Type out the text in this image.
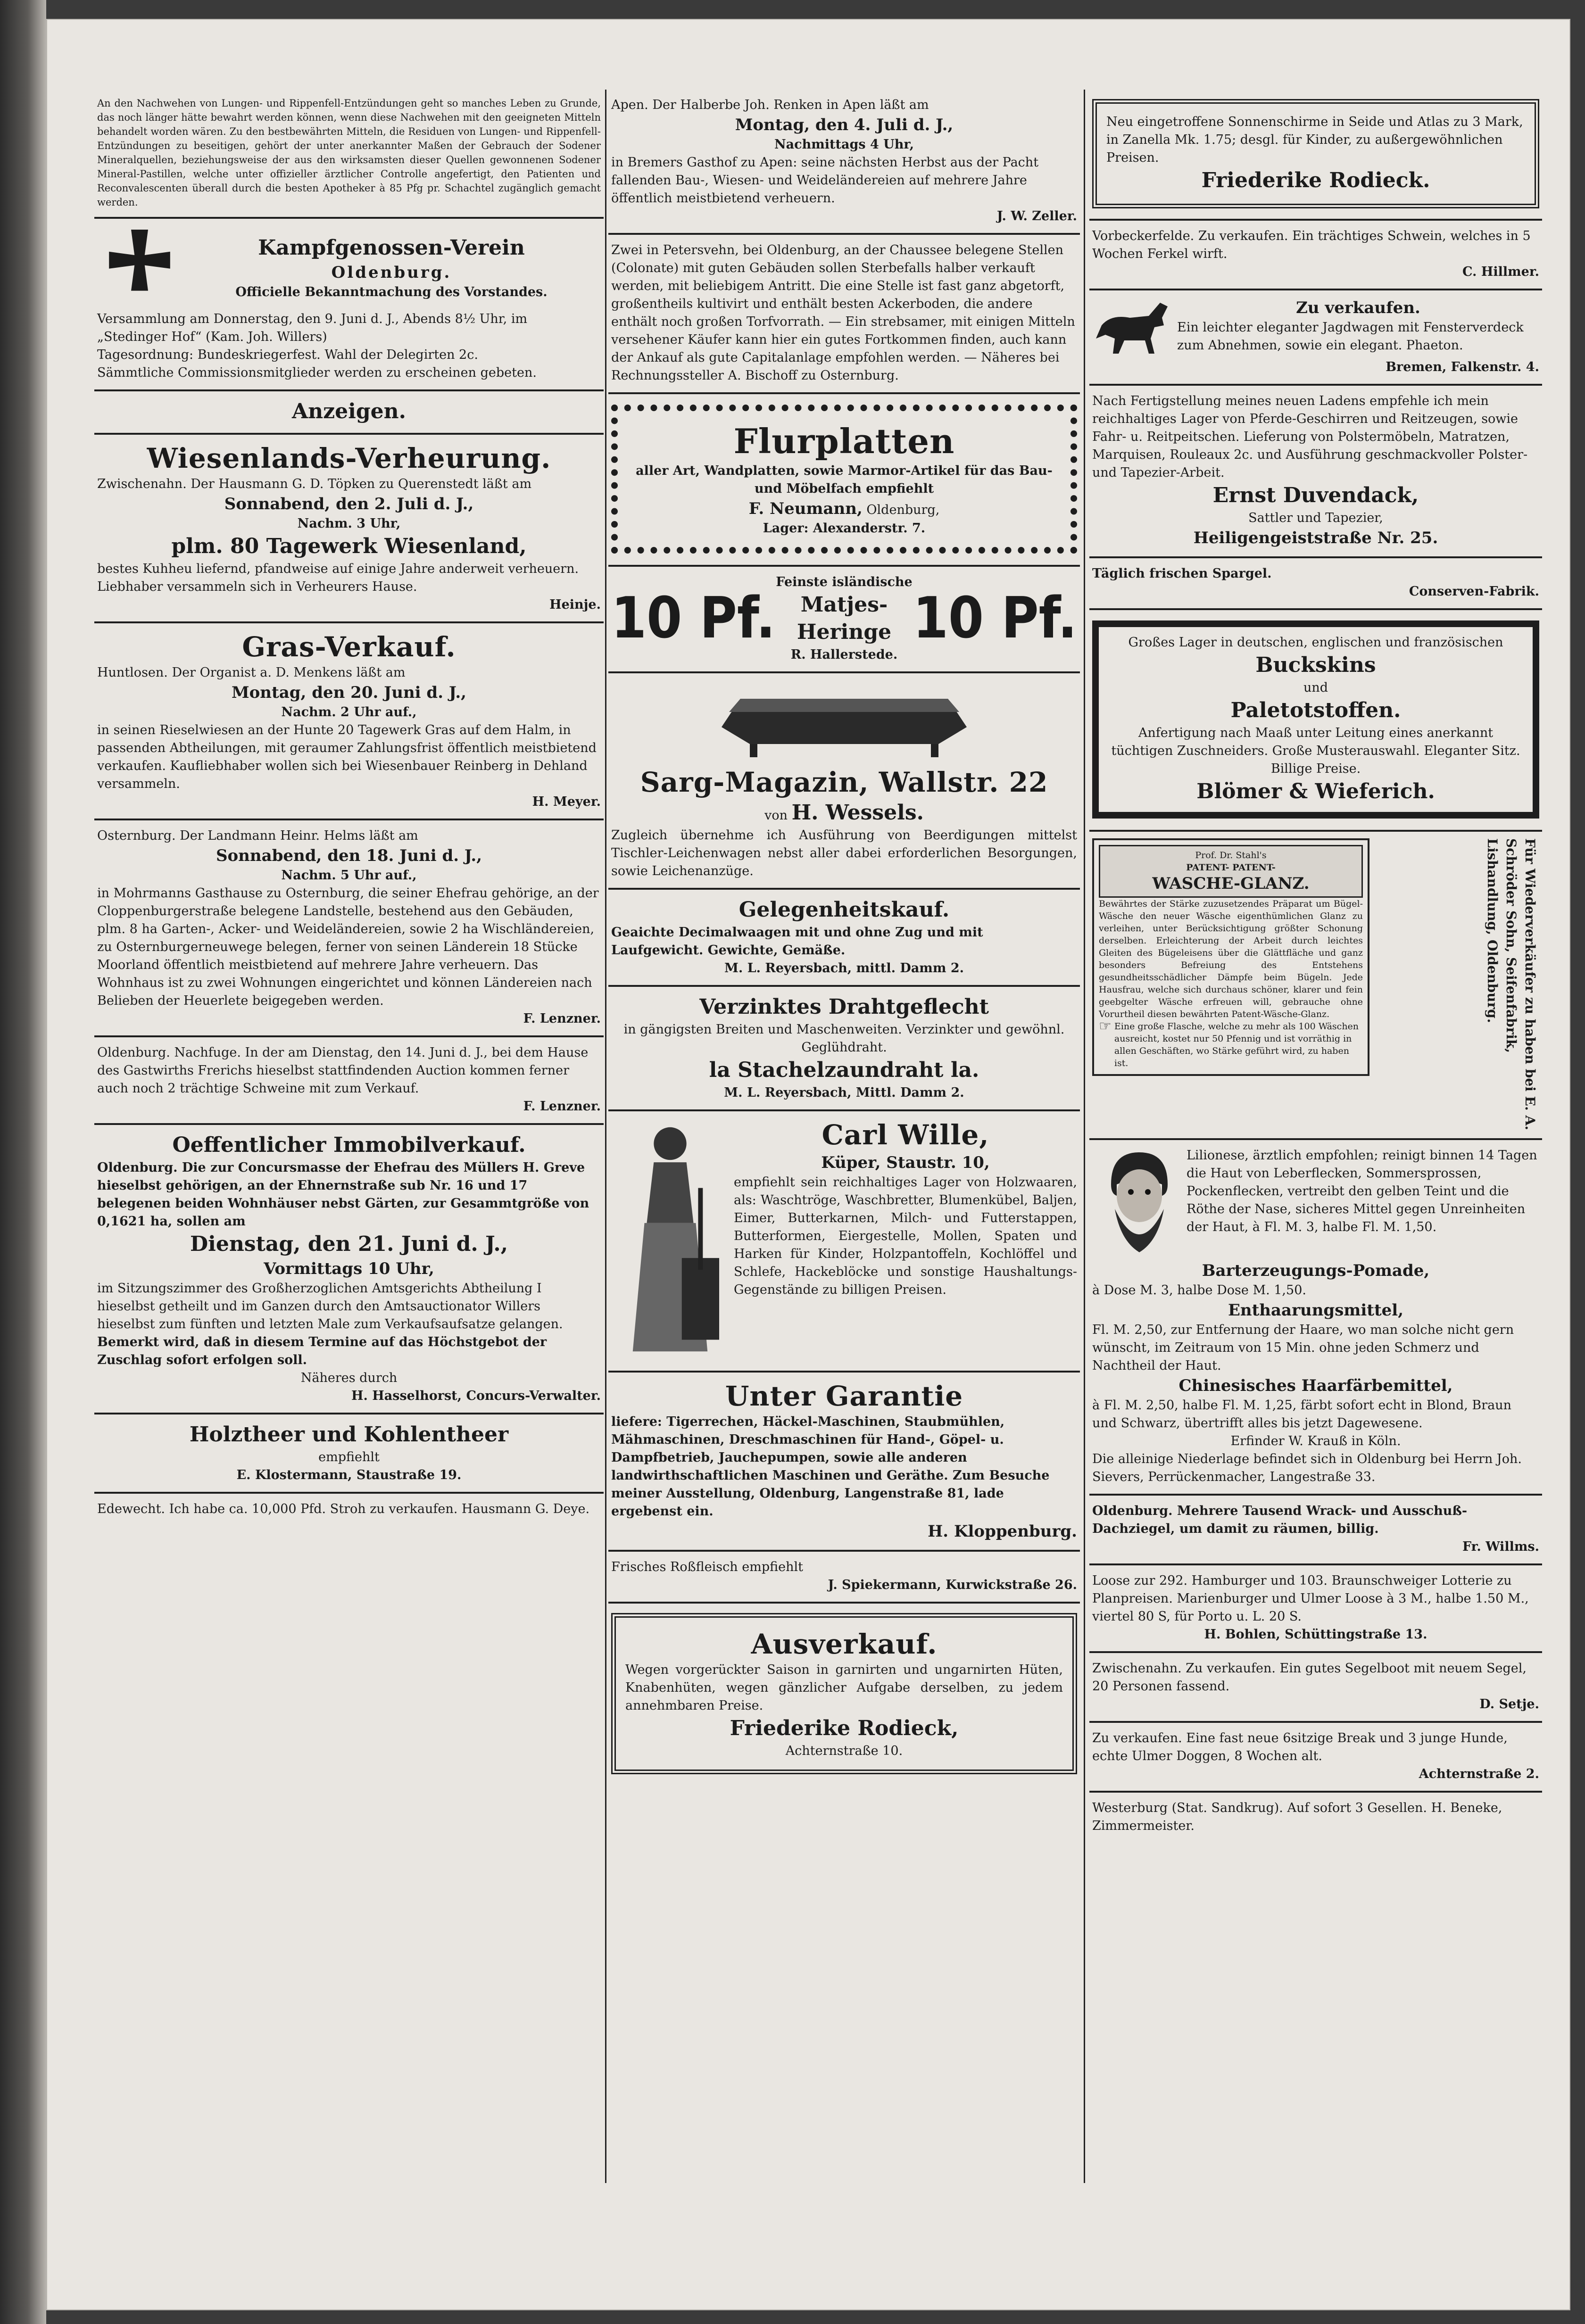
An den Nachwehen von Lungen- und Rippenfell-Entzündungen geht so manches Leben zu Grunde, das noch länger hätte bewahrt werden können, wenn diese Nachwehen mit den geeigneten Mitteln behandelt worden wären. Zu den bestbewährten Mitteln, die Residuen von Lungen- und Rippenfell-Entzündungen zu beseitigen, gehört der unter anerkannter Maßen der Gebrauch der Sodener Mineralquellen, beziehungsweise der aus den wirksamsten dieser Quellen gewonnenen Sodener Mineral-Pastillen, welche unter offizieller ärztlicher Controlle angefertigt, den Patienten und Reconvalescenten überall durch die besten Apotheker à 85 Pfg pr. Schachtel zugänglich gemacht werden.
Kampfgenossen-Verein
Oldenburg.
Officielle Bekanntmachung des Vorstandes.
Versammlung am Donnerstag, den 9. Juni d. J., Abends 8½ Uhr, im „Stedinger Hof“ (Kam. Joh. Willers)
Tagesordnung: Bundeskriegerfest. Wahl der Delegirten 2c.
Sämmtliche Commissionsmitglieder werden zu erscheinen gebeten.
Anzeigen.
Wiesenlands-Verheurung.
Zwischenahn. Der Hausmann G. D. Töpken zu Querenstedt läßt am
Sonnabend, den 2. Juli d. J.,
Nachm. 3 Uhr,
plm. 80 Tagewerk Wiesenland,
bestes Kuhheu liefernd, pfandweise auf einige Jahre anderweit verheuern. Liebhaber versammeln sich in Verheurers Hause.
Heinje.
Gras-Verkauf.
Huntlosen. Der Organist a. D. Menkens läßt am
Montag, den 20. Juni d. J.,
Nachm. 2 Uhr auf.,
in seinen Rieselwiesen an der Hunte 20 Tagewerk Gras auf dem Halm, in passenden Abtheilungen, mit geraumer Zahlungsfrist öffentlich meistbietend verkaufen. Kaufliebhaber wollen sich bei Wiesenbauer Reinberg in Dehland versammeln.
H. Meyer.
Osternburg. Der Landmann Heinr. Helms läßt am
Sonnabend, den 18. Juni d. J.,
Nachm. 5 Uhr auf.,
in Mohrmanns Gasthause zu Osternburg, die seiner Ehefrau gehörige, an der Cloppenburgerstraße belegene Landstelle, bestehend aus den Gebäuden, plm. 8 ha Garten-, Acker- und Weideländereien, sowie 2 ha Wischländereien, zu Osternburgerneuwege belegen, ferner von seinen Länderein 18 Stücke Moorland öffentlich meistbietend auf mehrere Jahre verheuern. Das Wohnhaus ist zu zwei Wohnungen eingerichtet und können Ländereien nach Belieben der Heuerlete beigegeben werden.
F. Lenzner.
Oldenburg. Nachfuge. In der am Dienstag, den 14. Juni d. J., bei dem Hause des Gastwirths Frerichs hieselbst stattfindenden Auction kommen ferner auch noch 2 trächtige Schweine mit zum Verkauf.
F. Lenzner.
Oeffentlicher Immobilverkauf.
Oldenburg. Die zur Concursmasse der Ehefrau des Müllers H. Greve hieselbst gehörigen, an der Ehnernstraße sub Nr. 16 und 17 belegenen beiden Wohnhäuser nebst Gärten, zur Gesammtgröße von 0,1621 ha, sollen am
Dienstag, den 21. Juni d. J.,
Vormittags 10 Uhr,
im Sitzungszimmer des Großherzoglichen Amtsgerichts Abtheilung I hieselbst getheilt und im Ganzen durch den Amtsauctionator Willers hieselbst zum fünften und letzten Male zum Verkaufsaufsatze gelangen.
Bemerkt wird, daß in diesem Termine auf das Höchstgebot der Zuschlag sofort erfolgen soll.
Näheres durch
H. Hasselhorst, Concurs-Verwalter.
Holztheer und Kohlentheer
empfiehlt
E. Klostermann, Staustraße 19.
Edewecht. Ich habe ca. 10,000 Pfd. Stroh zu verkaufen. Hausmann G. Deye.
Apen. Der Halberbe Joh. Renken in Apen läßt am
Montag, den 4. Juli d. J.,
Nachmittags 4 Uhr,
in Bremers Gasthof zu Apen: seine nächsten Herbst aus der Pacht fallenden Bau-, Wiesen- und Weideländereien auf mehrere Jahre öffentlich meistbietend verheuern.
J. W. Zeller.
Zwei in Petersvehn, bei Oldenburg, an der Chaussee belegene Stellen (Colonate) mit guten Gebäuden sollen Sterbefalls halber verkauft werden, mit beliebigem Antritt. Die eine Stelle ist fast ganz abgetorft, großentheils kultivirt und enthält besten Ackerboden, die andere enthält noch großen Torfvorrath. — Ein strebsamer, mit einigen Mitteln versehener Käufer kann hier ein gutes Fortkommen finden, auch kann der Ankauf als gute Capitalanlage empfohlen werden. — Näheres bei Rechnungssteller A. Bischoff zu Osternburg.
Flurplatten
aller Art, Wandplatten, sowie Marmor-Artikel für das Bau- und Möbelfach empfiehlt
F. Neumann, Oldenburg,
Lager: Alexanderstr. 7.
10 Pf.
Feinste isländische
Matjes-Heringe
R. Hallerstede.
10 Pf.
Sarg-Magazin, Wallstr. 22
von H. Wessels.
Zugleich übernehme ich Ausführung von Beerdigungen mittelst Tischler-Leichenwagen nebst aller dabei erforderlichen Besorgungen, sowie Leichenanzüge.
Gelegenheitskauf.
Geaichte Decimalwaagen mit und ohne Zug und mit Laufgewicht. Gewichte, Gemäße.
M. L. Reyersbach, mittl. Damm 2.
Verzinktes Drahtgeflecht
in gängigsten Breiten und Maschenweiten. Verzinkter und gewöhnl. Geglühdraht.
la Stachelzaundraht la.
M. L. Reyersbach, Mittl. Damm 2.
Carl Wille,
Küper, Staustr. 10,
empfiehlt sein reichhaltiges Lager von Holzwaaren, als: Waschtröge, Waschbretter, Blumenkübel, Baljen, Eimer, Butterkarnen, Milch- und Futterstappen, Butterformen, Eiergestelle, Mollen, Spaten und Harken für Kinder, Holzpantoffeln, Kochlöffel und Schlefe, Hackeblöcke und sonstige Haushaltungs-Gegenstände zu billigen Preisen.
Unter Garantie
liefere: Tigerrechen, Häckel-Maschinen, Staubmühlen, Mähmaschinen, Dreschmaschinen für Hand-, Göpel- u. Dampfbetrieb, Jauchepumpen, sowie alle anderen landwirthschaftlichen Maschinen und Geräthe. Zum Besuche meiner Ausstellung, Oldenburg, Langenstraße 81, lade ergebenst ein.
H. Kloppenburg.
Frisches Roßfleisch empfiehlt
J. Spiekermann, Kurwickstraße 26.
Ausverkauf.
Wegen vorgerückter Saison in garnirten und ungarnirten Hüten, Knabenhüten, wegen gänzlicher Aufgabe derselben, zu jedem annehmbaren Preise.
Friederike Rodieck,
Achternstraße 10.
Neu eingetroffene Sonnenschirme in Seide und Atlas zu 3 Mark, in Zanella Mk. 1.75; desgl. für Kinder, zu außergewöhnlichen Preisen.
Friederike Rodieck.
Vorbeckerfelde. Zu verkaufen. Ein trächtiges Schwein, welches in 5 Wochen Ferkel wirft.
C. Hillmer.
Zu verkaufen.
Ein leichter eleganter Jagdwagen mit Fensterverdeck zum Abnehmen, sowie ein elegant. Phaeton.
Bremen, Falkenstr. 4.
Nach Fertigstellung meines neuen Ladens empfehle ich mein reichhaltiges Lager von Pferde-Geschirren und Reitzeugen, sowie Fahr- u. Reitpeitschen. Lieferung von Polstermöbeln, Matratzen, Marquisen, Rouleaux 2c. und Ausführung geschmackvoller Polster- und Tapezier-Arbeit.
Ernst Duvendack,
Sattler und Tapezier,
Heiligengeiststraße Nr. 25.
Täglich frischen Spargel.
Conserven-Fabrik.
Großes Lager in deutschen, englischen und französischen
Buckskins
und
Paletotstoffen.
Anfertigung nach Maaß unter Leitung eines anerkannt tüchtigen Zuschneiders. Große Musterauswahl. Eleganter Sitz. Billige Preise.
Blömer & Wieferich.
Prof. Dr. Stahl's
PATENT- PATENT-
WASCHE-GLANZ.
Bewährtes der Stärke zuzusetzendes Präparat um Bügel-Wäsche den neuer Wäsche eigenthümlichen Glanz zu verleihen, unter Berücksichtigung größter Schonung derselben. Erleichterung der Arbeit durch leichtes Gleiten des Bügeleisens über die Glättfläche und ganz besonders Befreiung des Entstehens gesundheitsschädlicher Dämpfe beim Bügeln. Jede Hausfrau, welche sich durchaus schöner, klarer und fein geebgelter Wäsche erfreuen will, gebrauche ohne Vorurtheil diesen bewährten Patent-Wäsche-Glanz.
☞ Eine große Flasche, welche zu mehr als 100 Wäschen ausreicht, kostet nur 50 Pfennig und ist vorräthig in allen Geschäften, wo Stärke geführt wird, zu haben ist.	Für Wiederverkäufer zu haben bei E. A. Schröder Sohn, Seifenfabrik, Lishandlung, Oldenburg.
Lilionese, ärztlich empfohlen; reinigt binnen 14 Tagen die Haut von Leberflecken, Sommersprossen, Pockenflecken, vertreibt den gelben Teint und die Röthe der Nase, sicheres Mittel gegen Unreinheiten der Haut, à Fl. M. 3, halbe Fl. M. 1,50.
Barterzeugungs-Pomade,
à Dose M. 3, halbe Dose M. 1,50.
Enthaarungsmittel,
Fl. M. 2,50, zur Entfernung der Haare, wo man solche nicht gern wünscht, im Zeitraum von 15 Min. ohne jeden Schmerz und Nachtheil der Haut.
Chinesisches Haarfärbemittel,
à Fl. M. 2,50, halbe Fl. M. 1,25, färbt sofort echt in Blond, Braun und Schwarz, übertrifft alles bis jetzt Dagewesene.
Erfinder W. Krauß in Köln.
Die alleinige Niederlage befindet sich in Oldenburg bei Herrn Joh. Sievers, Perrückenmacher, Langestraße 33.
Oldenburg. Mehrere Tausend Wrack- und Ausschuß-Dachziegel, um damit zu räumen, billig.
Fr. Willms.
Loose zur 292. Hamburger und 103. Braunschweiger Lotterie zu Planpreisen. Marienburger und Ulmer Loose à 3 M., halbe 1.50 M., viertel 80 S, für Porto u. L. 20 S.
H. Bohlen, Schüttingstraße 13.
Zwischenahn. Zu verkaufen. Ein gutes Segelboot mit neuem Segel, 20 Personen fassend.
D. Setje.
Zu verkaufen. Eine fast neue 6sitzige Break und 3 junge Hunde, echte Ulmer Doggen, 8 Wochen alt.
Achternstraße 2.
Westerburg (Stat. Sandkrug). Auf sofort 3 Gesellen. H. Beneke, Zimmermeister.
